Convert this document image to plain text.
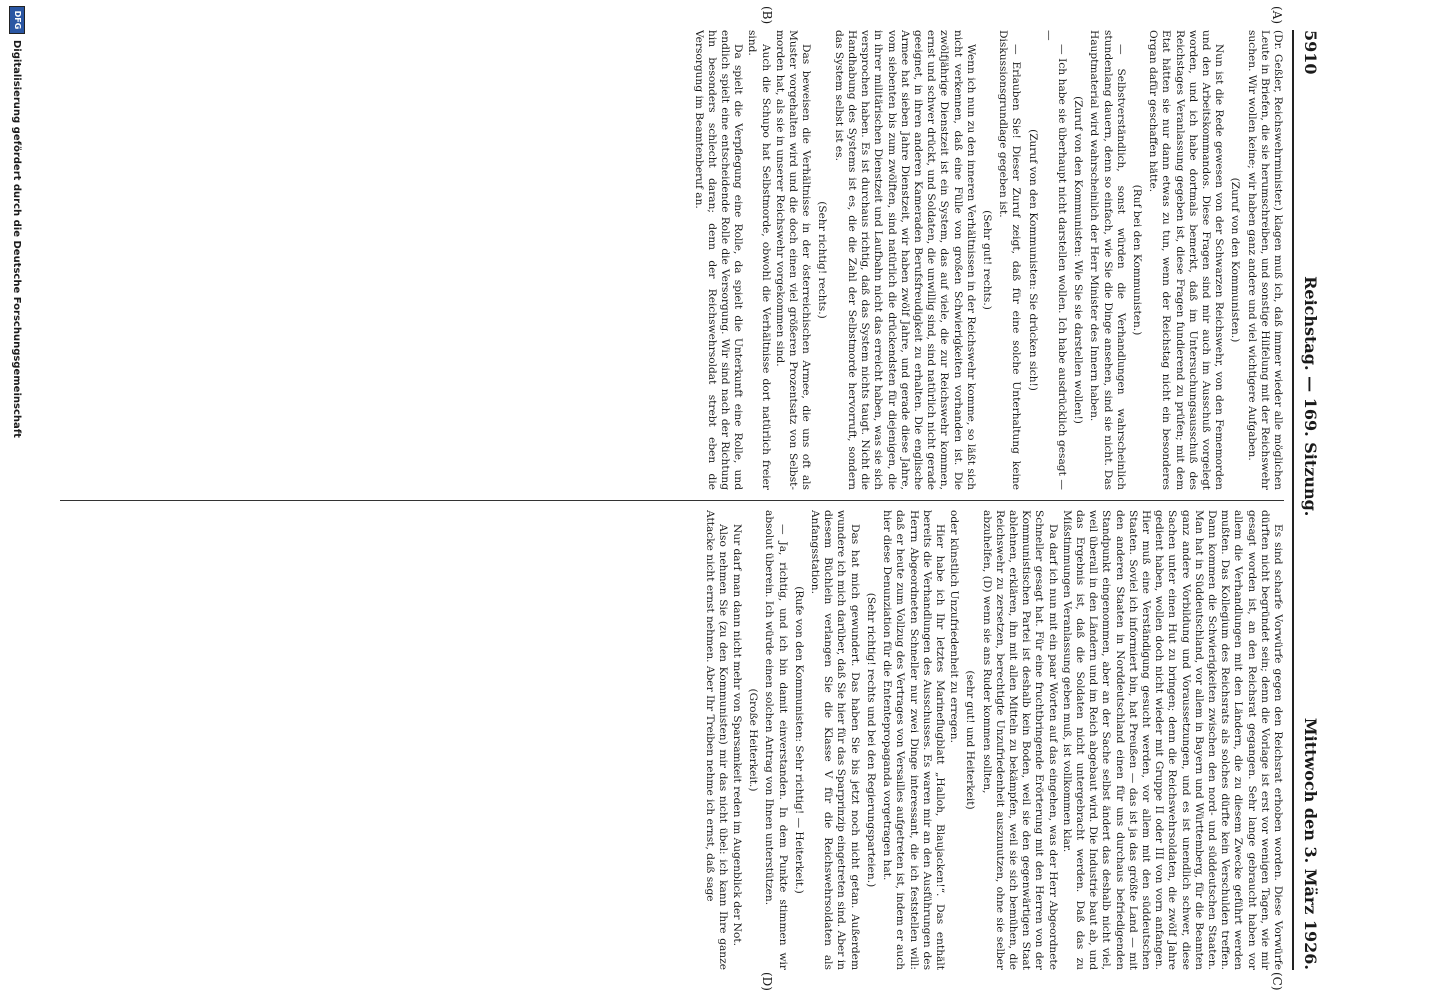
5910
Reichstag. — 169. Sitzung.
Mittwoch den 3. März 1926.
(A)
(B)
(C)
(D)

(Dr. Geßler, Reichswehrminister.) klagen muß ich, daß immer wieder alle möglichen Leute in Briefen, die sie herumschreiben, und sonstige Hilfelung mit der Reichswehr suchen. Wir wollen keine; wir haben ganz andere und viel wichtigere Aufgaben.

(Zuruf von den Kommunisten.)

Nun ist die Rede gewesen von der Schwarzen Reichswehr, von den Fememorden und den Arbeitskommandos. Diese Fragen sind mir auch im Ausschuß vorgelegt worden, und ich habe dortmals bemerkt, daß im Untersuchungsausschuß des Reichstages Veranlassung gegeben ist, diese Fragen fundierend zu prüfen; mit dem Etat hätten sie nur dann etwas zu tun, wenn der Reichstag nicht ein besonderes Organ dafür geschaffen hätte.

(Ruf bei den Kommunisten.)

— Selbstverständlich, sonst würden die Verhandlungen wahrscheinlich stundenlang dauern, denn so einfach, wie Sie die Dinge ansehen, sind sie nicht. Das Hauptmaterial wird wahrscheinlich der Herr Minister des Innern haben.

(Zuruf von den Kommunisten: Wie Sie sie darstellen wollen!)

— Ich habe sie überhaupt nicht darstellen wollen. Ich habe ausdrücklich gesagt — —

(Zuruf von den Kommunisten: Sie drücken sich!)

— Erlauben Sie! Dieser Zuruf zeigt, daß für eine solche Unterhaltung keine Diskussionsgrundlage gegeben ist.

(Sehr gut! rechts.)

Wenn ich nun zu den inneren Verhältnissen in der Reichswehr komme, so läßt sich nicht verkennen, daß eine Fülle von großen Schwierigkeiten vorhanden ist. Die zwölfjährige Dienstzeit ist ein System, das auf viele, die zur Reichswehr kommen, ernst und schwer drückt, und Soldaten, die unwillig sind, sind natürlich nicht gerade geeignet, in ihren anderen Kameraden Berufsfreudigkeit zu erhalten. Die englische Armee hat sieben Jahre Dienstzeit, wir haben zwölf Jahre, und gerade diese Jahre, vom siebenten bis zum zwölften, sind natürlich die drückendsten für diejenigen, die in ihrer militärischen Dienstzeit und Laufbahn nicht das erreicht haben, was sie sich versprochen haben. Es ist durchaus richtig, daß das System nichts taugt. Nicht die Handhabung des Systems ist es, die die Zahl der Selbstmorde hervorruft, sondern das System selbst ist es.

(Sehr richtig! rechts.)

Das beweisen die Verhältnisse in der österreichischen Armee, die uns oft als Muster vorgehalten wird und die doch einen viel größeren Prozentsatz von Selbstmorden hat, als sie in unserer Reichswehr vorgekommen sind.

Auch die Schupo hat Selbstmorde, obwohl die Verhältnisse dort natürlich freier sind.

Da spielt die Verpflegung eine Rolle, da spielt die Unterkunft eine Rolle, und endlich spielt eine entscheidende Rolle die Versorgung. Wir sind nach der Richtung hin besonders schlecht daran; denn der Reichswehrsoldat strebt eben die Versorgung im Beamtenberuf an.

Es sind scharfe Vorwürfe gegen den Reichsrat erhoben worden. Diese Vorwürfe dürften nicht begründet sein; denn die Vorlage ist erst vor wenigen Tagen, wie mir gesagt worden ist, an den Reichsrat gegangen. Sehr lange gebraucht haben vor allem die Verhandlungen mit den Ländern, die zu diesem Zwecke geführt werden mußten. Das Kollegium des Reichsrats als solches dürfte kein Verschulden treffen. Dann kommen die Schwierigkeiten zwischen den nord- und süddeutschen Staaten. Man hat in Süddeutschland, vor allem in Bayern und Württemberg, für die Beamten ganz andere Vorbildung und Voraussetzungen, und es ist unendlich schwer, diese Sachen unter einen Hut zu bringen; denn die Reichswehrsoldaten, die zwölf Jahre gedient haben, wollen doch nicht wieder mit Gruppe II oder III von vorn anfangen. Hier muß eine Verständigung gesucht werden, vor allem mit den süddeutschen Staaten. Soviel ich informiert bin, hat Preußen — das ist ja das größte Land — mit den anderen Staaten in Norddeutschland einen für uns durchaus befriedigenden Standpunkt eingenommen, aber an der Sache selbst ändert das deshalb nicht viel, weil überall in den Ländern und im Reich abgebaut wird. Die Industrie baut ab, und das Ergebnis ist, daß die Soldaten nicht untergebracht werden. Daß das zu Mißstimmungen Veranlassung geben muß, ist vollkommen klar.

Da darf ich nun mit ein paar Worten auf das eingehen, was der Herr Abgeordnete Schneller gesagt hat. Für eine fruchtbringende Erörterung mit den Herren von der Kommunistischen Partei ist deshalb kein Boden, weil sie den gegenwärtigen Staat ablehnen, erklären, ihn mit allen Mitteln zu bekämpfen, weil sie sich bemühen, die Reichswehr zu zersetzen, berechtigte Unzufriedenheit auszunutzen, ohne sie selber abzuhelfen, (D) wenn sie ans Ruder kommen sollten,

(sehr gut! und Heiterkeit)

oder künstlich Unzufriedenheit zu erregen.

Hier habe ich Ihr letztes Marineflugblatt „Halloh, Blaujacken!“. Das enthält bereits die Verhandlungen des Ausschusses. Es waren mir an den Ausführungen des Herrn Abgeordneten Schneller nur zwei Dinge interessant, die ich feststellen will: daß er heute zum Vollzug des Vertrages von Versailles aufgetreten ist, indem er auch hier diese Denunziation für die Ententepropaganda vorgetragen hat.

(Sehr richtig! rechts und bei den Regierungsparteien.)

Das hat mich gewundert. Das haben Sie bis jetzt noch nicht getan. Außerdem wundere ich mich darüber, daß Sie hier für das Sparprinzip eingetreten sind. Aber in diesem Büchlein verlangen Sie die Klasse V für die Reichswehrsoldaten als Anfangsstation.

(Rufe von den Kommunisten: Sehr richtig! — Heiterkeit.)

— Ja, richtig, und ich bin damit einverstanden. In dem Punkte stimmen wir absolut überein. Ich würde einen solchen Antrag von Ihnen unterstützen.

(Große Heiterkeit.)

Nur darf man dann nicht mehr von Sparsamkeit reden im Augenblick der Not.

Also nehmen Sie (zu den Kommunisten) mir das nicht übel: ich kann Ihre ganze Attacke nicht ernst nehmen. Aber Ihr Treiben nehme ich ernst, daß sage

DFG
Digitalisierung gefördert durch die Deutsche Forschungsgemeinschaft
